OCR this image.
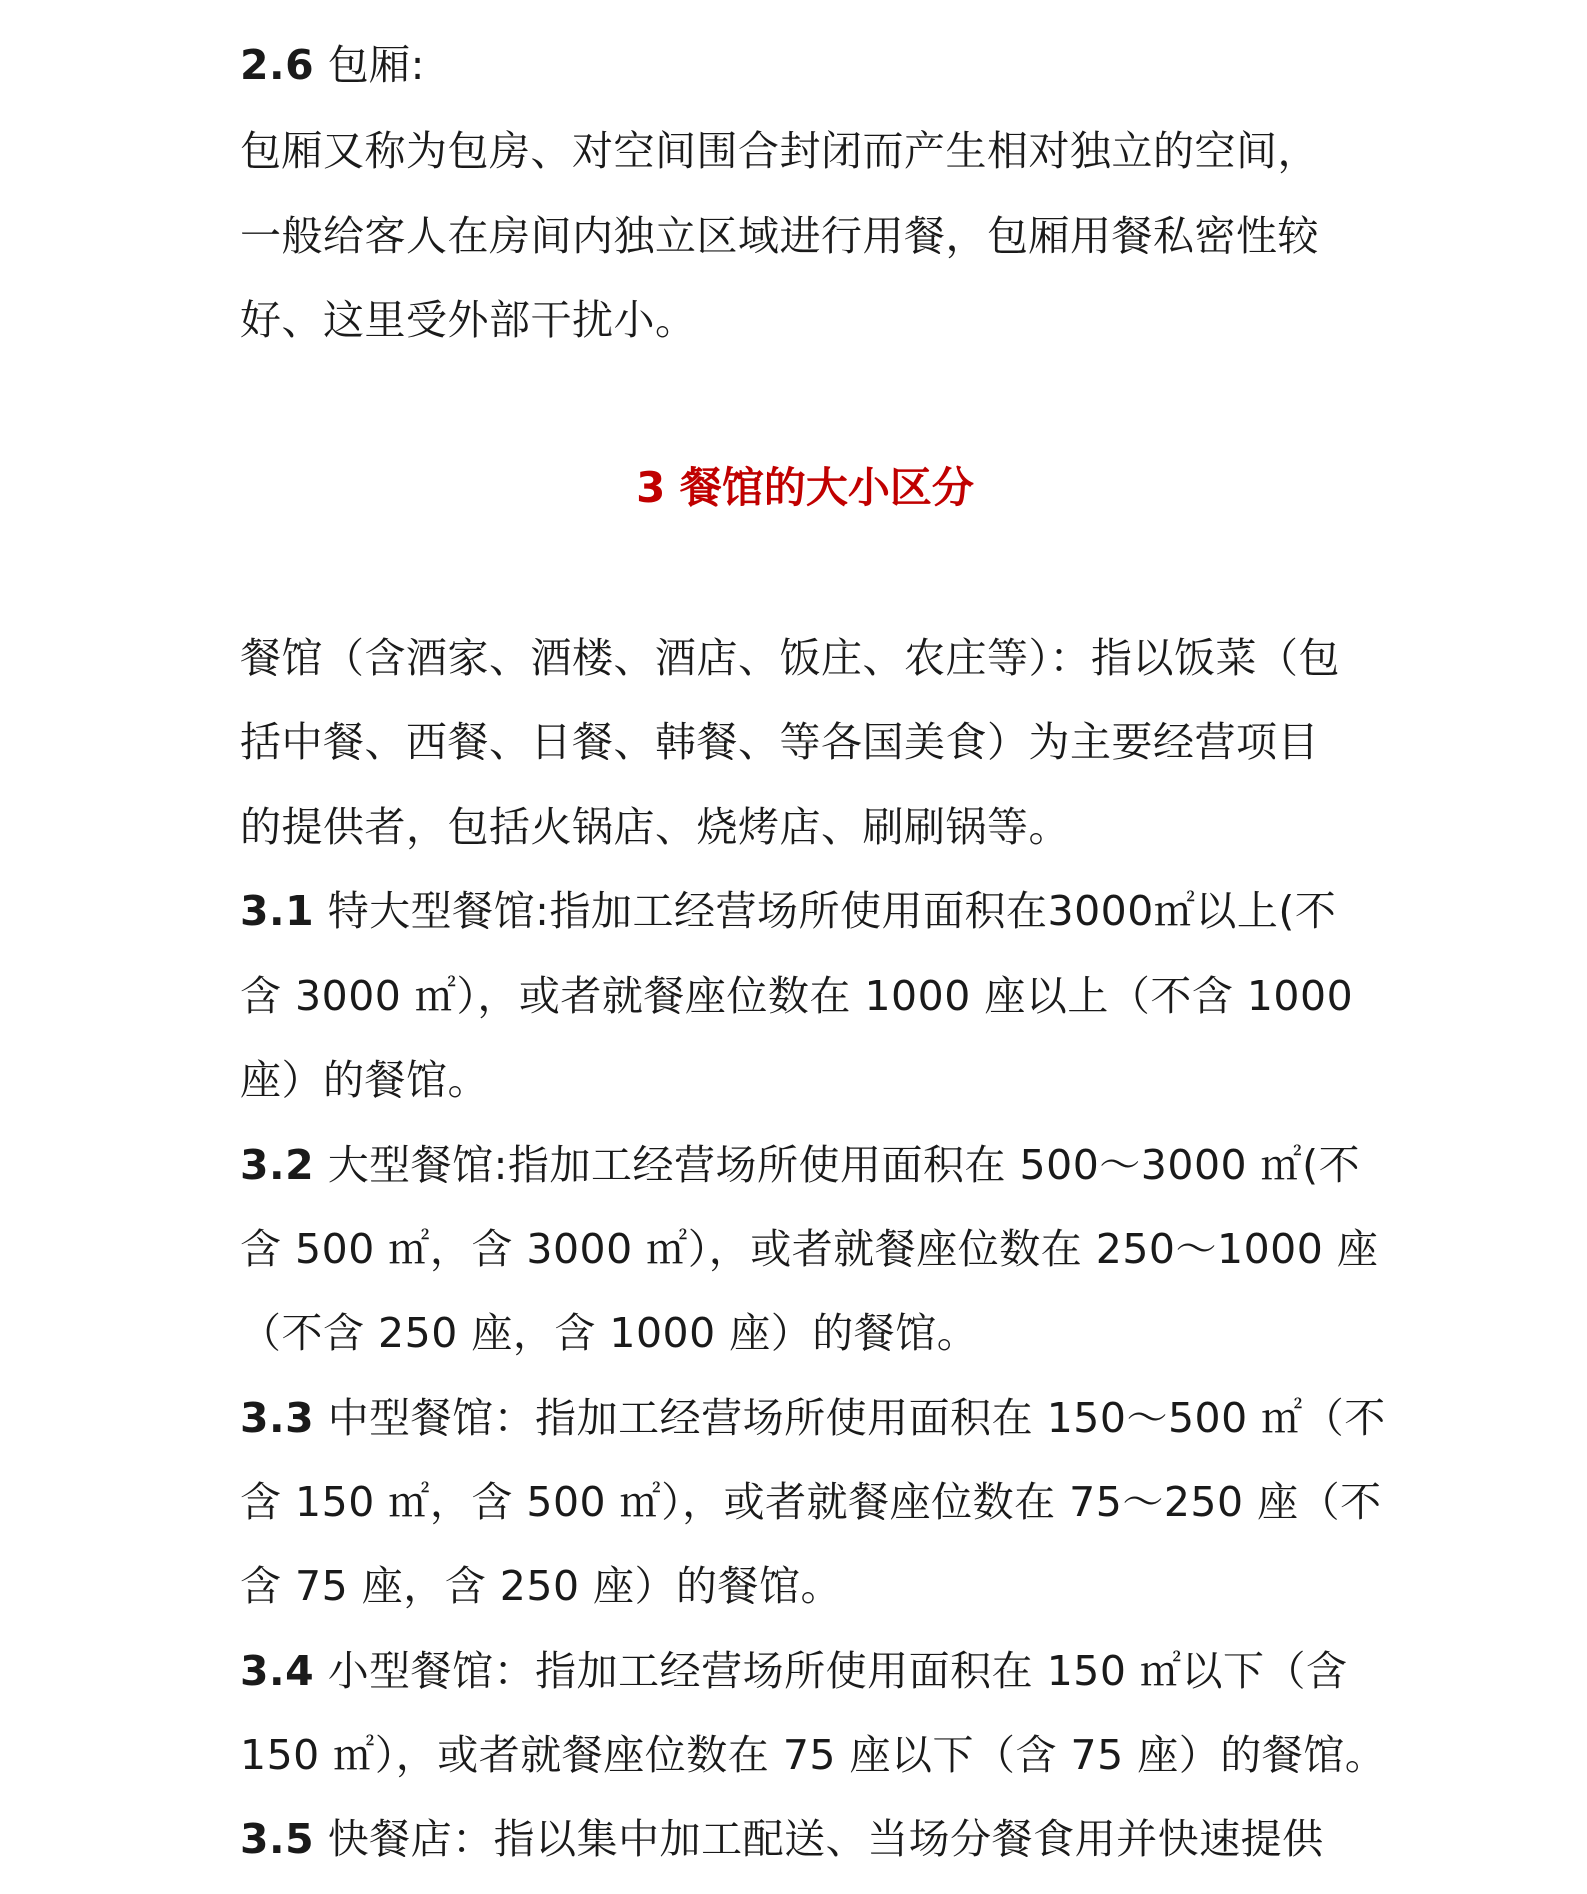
2.6 包厢:
包厢又称为包房、对空间围合封闭而产生相对独立的空间，
一般给客人在房间内独立区域进行用餐，包厢用餐私密性较
好、这里受外部干扰小。
3 餐馆的大小区分
餐馆（含酒家、酒楼、酒店、饭庄、农庄等）：指以饭菜（包
括中餐、西餐、日餐、韩餐、等各国美食）为主要经营项目
的提供者，包括火锅店、烧烤店、刷刷锅等。
3.1 特大型餐馆:指加工经营场所使用面积在3000㎡以上(不
含 3000 ㎡），或者就餐座位数在 1000 座以上（不含 1000
座）的餐馆。
3.2 大型餐馆:指加工经营场所使用面积在 500～3000 ㎡(不
含 500 ㎡，含 3000 ㎡），或者就餐座位数在 250～1000 座
（不含 250 座，含 1000 座）的餐馆。
3.3 中型餐馆：指加工经营场所使用面积在 150～500 ㎡（不
含 150 ㎡，含 500 ㎡），或者就餐座位数在 75～250 座（不
含 75 座，含 250 座）的餐馆。
3.4 小型餐馆：指加工经营场所使用面积在 150 ㎡以下（含
150 ㎡），或者就餐座位数在 75 座以下（含 75 座）的餐馆。
3.5 快餐店：指以集中加工配送、当场分餐食用并快速提供
